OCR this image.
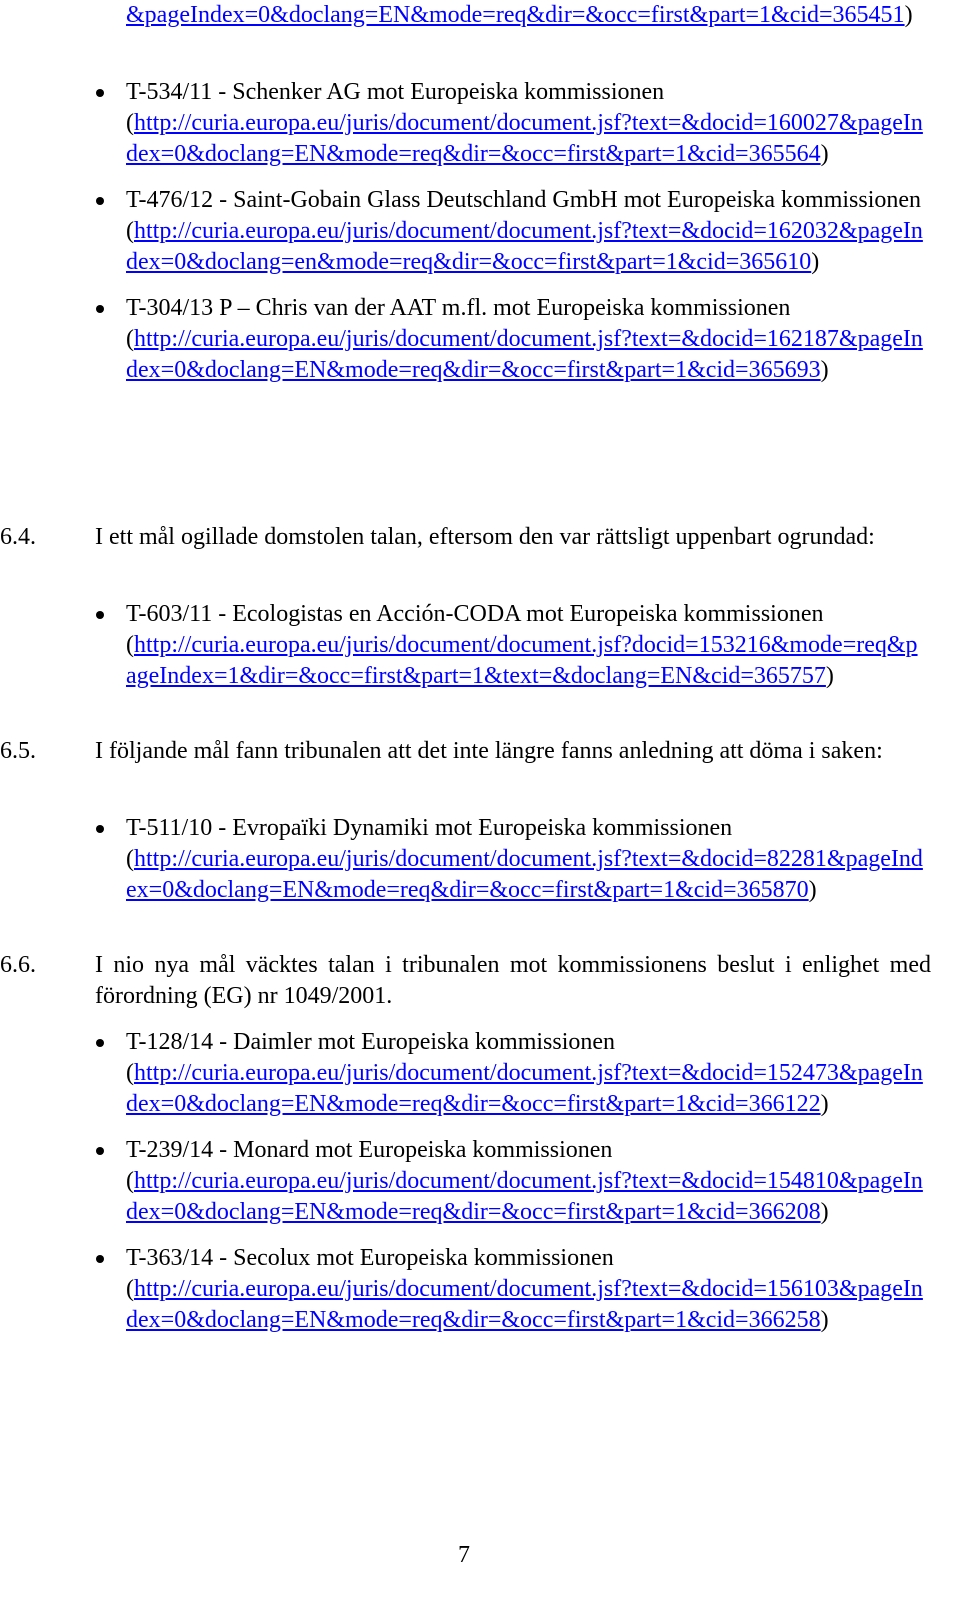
&pageIndex=0&doclang=EN&mode=req&dir=&occ=first&part=1&cid=365451)

T-534/11 - Schenker AG mot Europeiska kommissionen
(http://curia.europa.eu/juris/document/document.jsf?text=&docid=160027&pageIndex=0&doclang=EN&mode=req&dir=&occ=first&part=1&cid=365564)
T-476/12 - Saint-Gobain Glass Deutschland GmbH mot Europeiska kommissionen
(http://curia.europa.eu/juris/document/document.jsf?text=&docid=162032&pageIndex=0&doclang=en&mode=req&dir=&occ=first&part=1&cid=365610)
T-304/13 P – Chris van der AAT m.fl. mot Europeiska kommissionen
(http://curia.europa.eu/juris/document/document.jsf?text=&docid=162187&pageIndex=0&doclang=EN&mode=req&dir=&occ=first&part=1&cid=365693)
6.4. I ett mål ogillade domstolen talan, eftersom den var rättsligt uppenbart ogrundad:

T-603/11 - Ecologistas en Acción-CODA mot Europeiska kommissionen
(http://curia.europa.eu/juris/document/document.jsf?docid=153216&mode=req&pageIndex=1&dir=&occ=first&part=1&text=&doclang=EN&cid=365757)
6.5. I följande mål fann tribunalen att det inte längre fanns anledning att döma i saken:

T-511/10 - Evropaïki Dynamiki mot Europeiska kommissionen
(http://curia.europa.eu/juris/document/document.jsf?text=&docid=82281&pageIndex=0&doclang=EN&mode=req&dir=&occ=first&part=1&cid=365870)
6.6. I nio nya mål väcktes talan i tribunalen mot kommissionens beslut i enlighet med förordning (EG) nr 1049/2001.

T-128/14 - Daimler mot Europeiska kommissionen
(http://curia.europa.eu/juris/document/document.jsf?text=&docid=152473&pageIndex=0&doclang=EN&mode=req&dir=&occ=first&part=1&cid=366122)
T-239/14 - Monard mot Europeiska kommissionen
(http://curia.europa.eu/juris/document/document.jsf?text=&docid=154810&pageIndex=0&doclang=EN&mode=req&dir=&occ=first&part=1&cid=366208)
T-363/14 - Secolux mot Europeiska kommissionen
(http://curia.europa.eu/juris/document/document.jsf?text=&docid=156103&pageIndex=0&doclang=EN&mode=req&dir=&occ=first&part=1&cid=366258)
7
